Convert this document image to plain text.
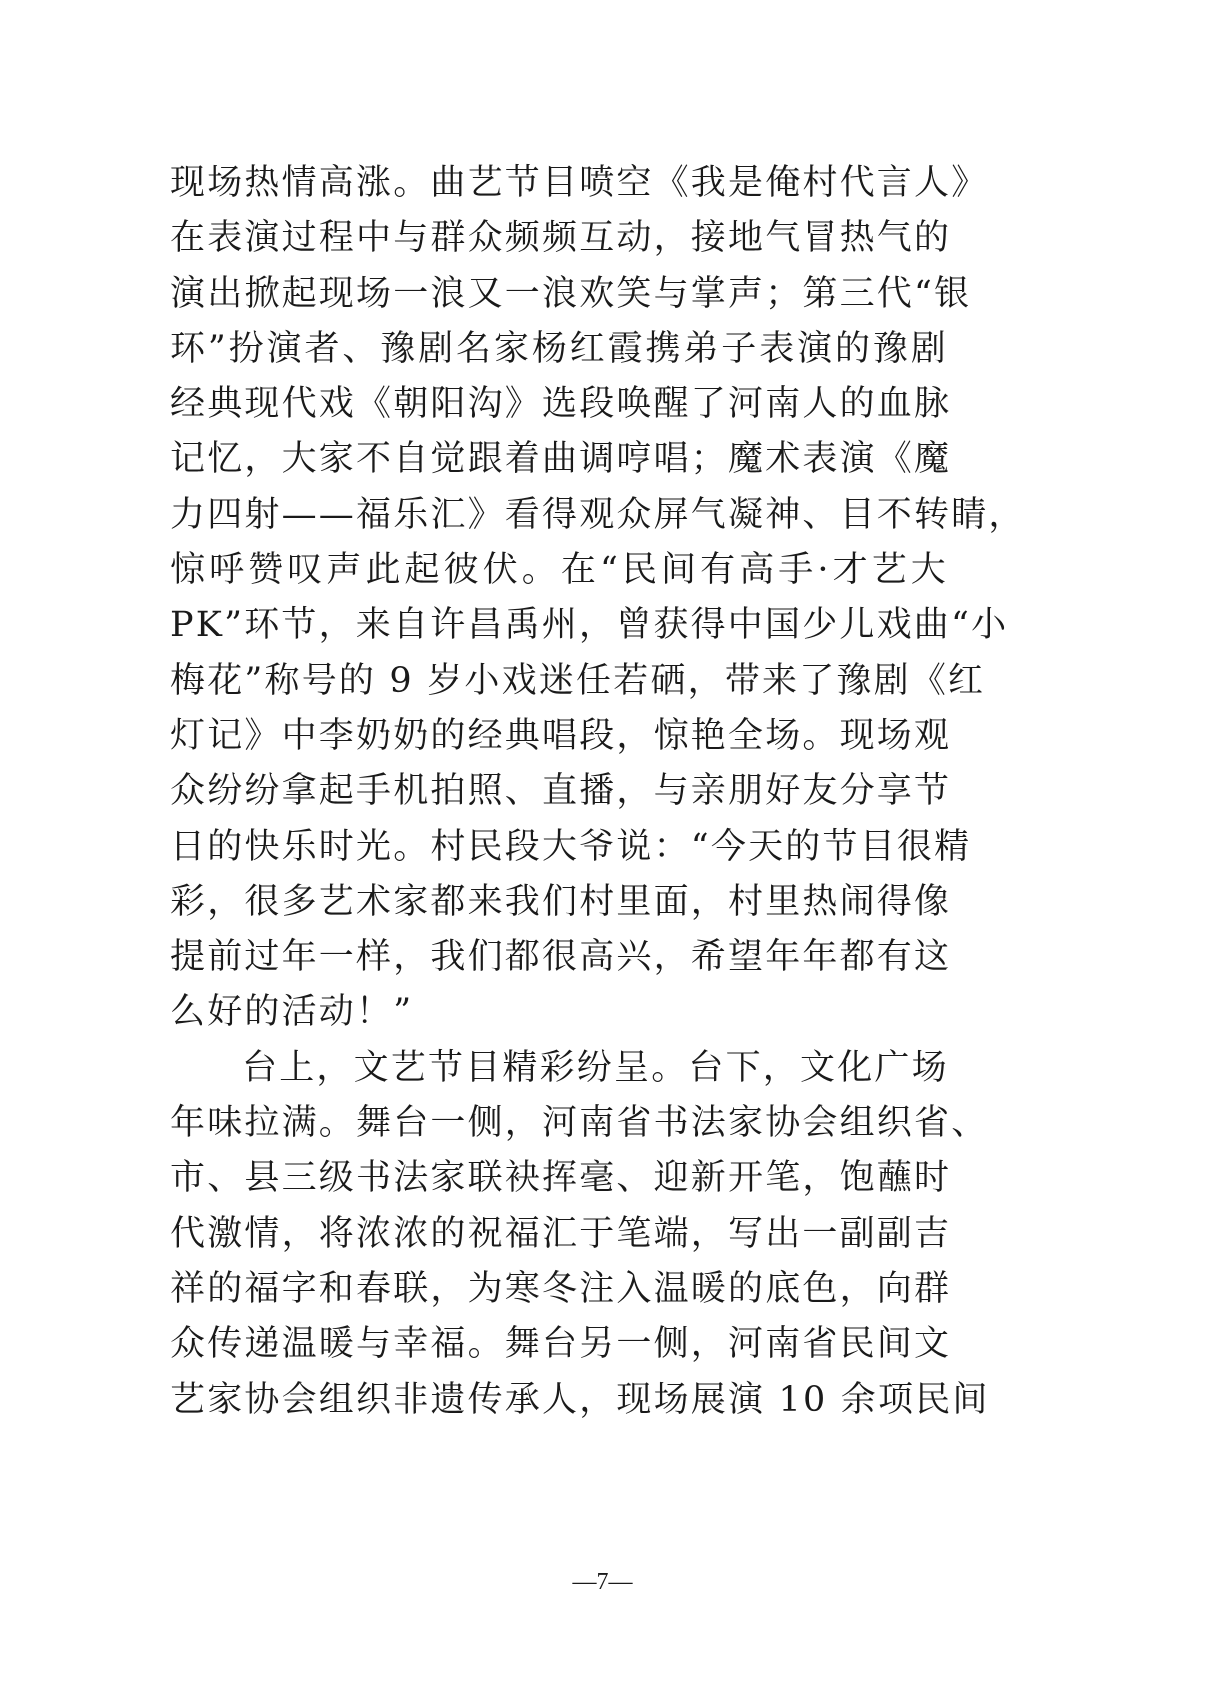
现场热情高涨。曲艺节目喷空《我是俺村代言人》
在表演过程中与群众频频互动，接地气冒热气的
演出掀起现场一浪又一浪欢笑与掌声；第三代“银
环”扮演者、豫剧名家杨红霞携弟子表演的豫剧
经典现代戏《朝阳沟》选段唤醒了河南人的血脉
记忆，大家不自觉跟着曲调哼唱；魔术表演《魔
力四射——福乐汇》看得观众屏气凝神、目不转睛，
惊呼赞叹声此起彼伏。在“民间有高手·才艺大
PK”环节，来自许昌禹州，曾获得中国少儿戏曲“小
梅花”称号的 9 岁小戏迷任若硒，带来了豫剧《红
灯记》中李奶奶的经典唱段，惊艳全场。现场观
众纷纷拿起手机拍照、直播，与亲朋好友分享节
日的快乐时光。村民段大爷说：“今天的节目很精
彩，很多艺术家都来我们村里面，村里热闹得像
提前过年一样，我们都很高兴，希望年年都有这
么好的活动！”
台上，文艺节目精彩纷呈。台下，文化广场
年味拉满。舞台一侧，河南省书法家协会组织省、
市、县三级书法家联袂挥毫、迎新开笔，饱蘸时
代激情，将浓浓的祝福汇于笔端，写出一副副吉
祥的福字和春联，为寒冬注入温暖的底色，向群
众传递温暖与幸福。舞台另一侧，河南省民间文
艺家协会组织非遗传承人，现场展演 10 余项民间
—7—
